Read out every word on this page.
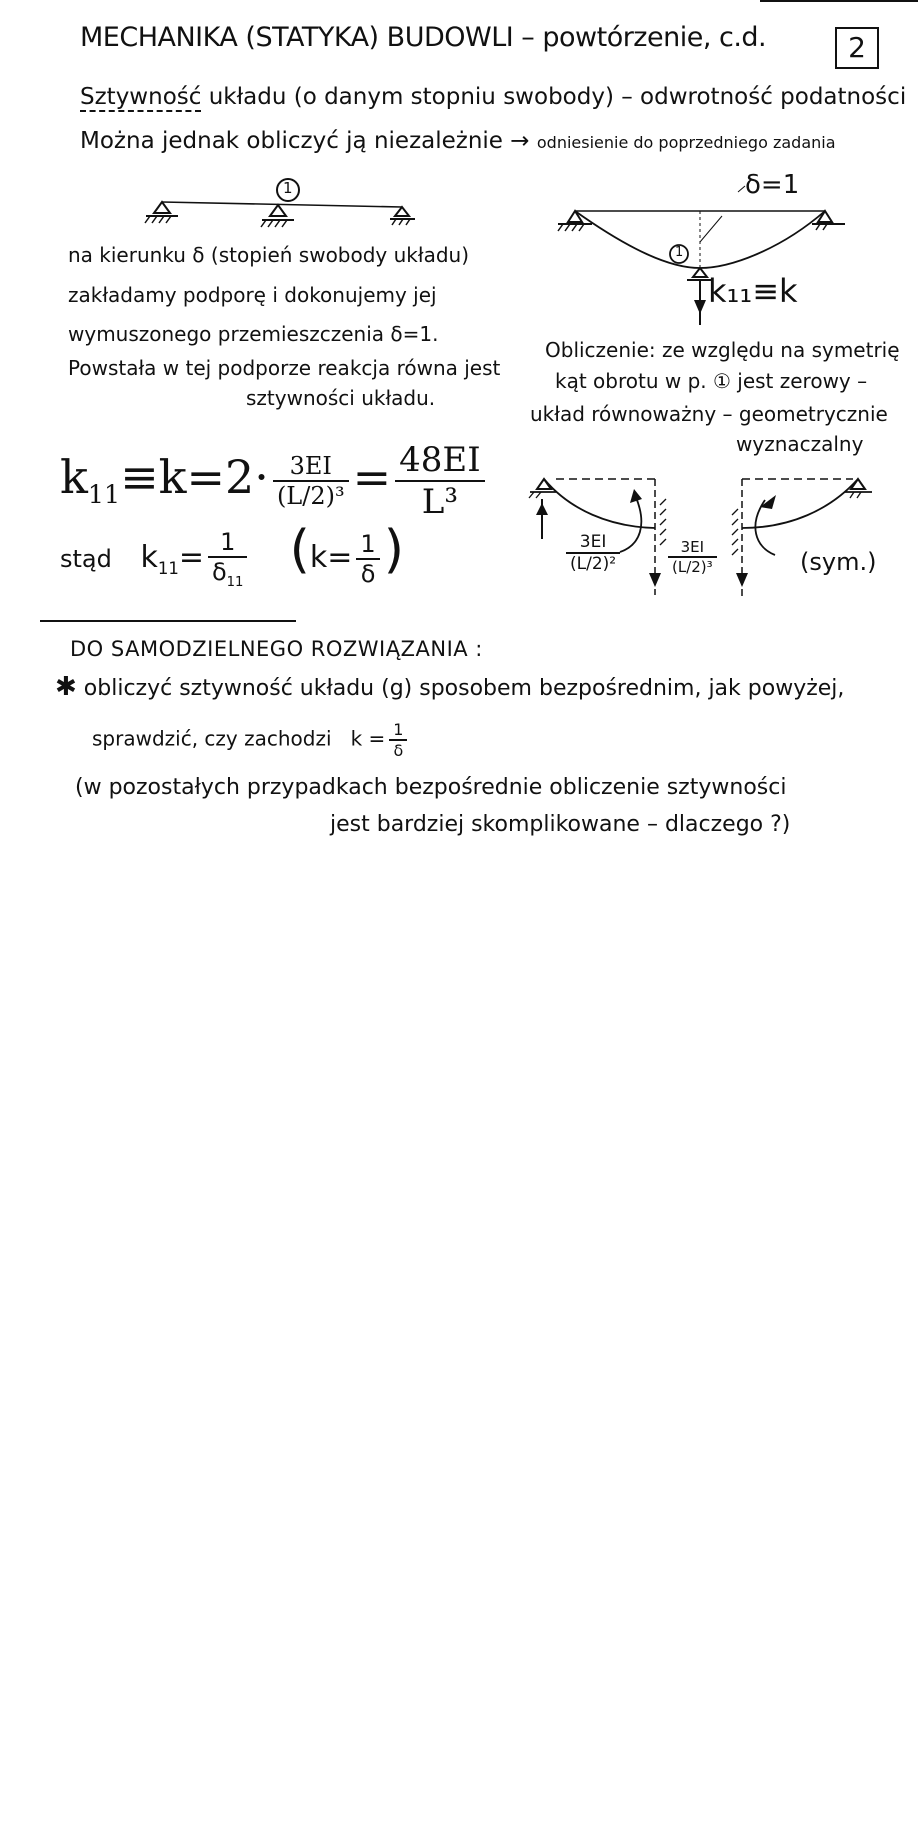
MECHANIKA (STATYKA) BUDOWLI – powtórzenie, c.d.	2
Sztywność układu (o danym stopniu swobody) – odwrotność podatności
Można jednak obliczyć ją niezależnie → odniesienie do poprzedniego zadania
1	δ=1
1
k₁₁≡k
na kierunku δ (stopień swobody układu)
zakładamy podporę i dokonujemy jej
wymuszonego przemieszczenia δ=1.
Powstała w tej podporze reakcja równa jest
sztywności układu.
Obliczenie: ze względu na symetrię
kąt obrotu w p. ① jest zerowy –
układ równoważny – geometrycznie
wyznaczalny
$k_{11}\equiv k=2\cdot \frac{3EI}{\text{(L/2)³}} = \frac{48EI}{\text{L³}}$
stąd $k_{11}= \frac{1}{\delta_{11}} (k= \frac{1}{\delta}$ )	$\frac{3EI}{\text{(L/2)²}}$	$\frac{3EI}{\text{(L/2)³}}$	(sym.)
DO SAMODZIELNEGO ROZWIĄZANIA :
✱ obliczyć sztywność układu (g) sposobem bezpośrednim, jak powyżej,
sprawdzić, czy zachodzi $k = \frac{1}{\delta}$
(w pozostałych przypadkach bezpośrednie obliczenie sztywności
jest bardziej skomplikowane – dlaczego ?)
